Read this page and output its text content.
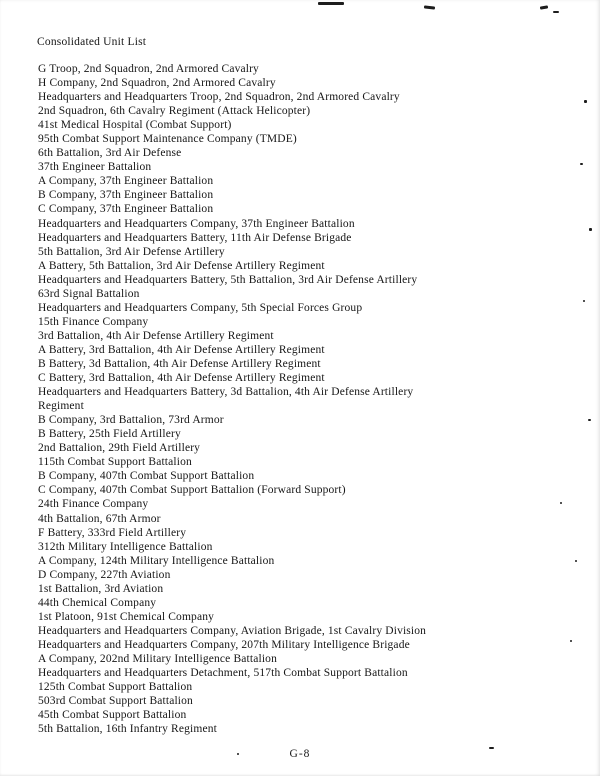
Consolidated Unit List
G Troop, 2nd Squadron, 2nd Armored Cavalry
H Company, 2nd Squadron, 2nd Armored Cavalry
Headquarters and Headquarters Troop, 2nd Squadron, 2nd Armored Cavalry
2nd Squadron, 6th Cavalry Regiment (Attack Helicopter)
41st Medical Hospital (Combat Support)
95th Combat Support Maintenance Company (TMDE)
6th Battalion, 3rd Air Defense
37th Engineer Battalion
A Company, 37th Engineer Battalion
B Company, 37th Engineer Battalion
C Company, 37th Engineer Battalion
Headquarters and Headquarters Company, 37th Engineer Battalion
Headquarters and Headquarters Battery, 11th Air Defense Brigade
5th Battalion, 3rd Air Defense Artillery
A Battery, 5th Battalion, 3rd Air Defense Artillery Regiment
Headquarters and Headquarters Battery, 5th Battalion, 3rd Air Defense Artillery
63rd Signal Battalion
Headquarters and Headquarters Company, 5th Special Forces Group
15th Finance Company
3rd Battalion, 4th Air Defense Artillery Regiment
A Battery, 3rd Battalion, 4th Air Defense Artillery Regiment
B Battery, 3d Battalion, 4th Air Defense Artillery Regiment
C Battery, 3rd Battalion, 4th Air Defense Artillery Regiment
Headquarters and Headquarters Battery, 3d Battalion, 4th Air Defense Artillery
Regiment
B Company, 3rd Battalion, 73rd Armor
B Battery, 25th Field Artillery
2nd Battalion, 29th Field Artillery
115th Combat Support Battalion
B Company, 407th Combat Support Battalion
C Company, 407th Combat Support Battalion (Forward Support)
24th Finance Company
4th Battalion, 67th Armor
F Battery, 333rd Field Artillery
312th Military Intelligence Battalion
A Company, 124th Military Intelligence Battalion
D Company, 227th Aviation
1st Battalion, 3rd Aviation
44th Chemical Company
1st Platoon, 91st Chemical Company
Headquarters and Headquarters Company, Aviation Brigade, 1st Cavalry Division
Headquarters and Headquarters Company, 207th Military Intelligence Brigade
A Company, 202nd Military Intelligence Battalion
Headquarters and Headquarters Detachment, 517th Combat Support Battalion
125th Combat Support Battalion
503rd Combat Support Battalion
45th Combat Support Battalion
5th Battalion, 16th Infantry Regiment
G-8
